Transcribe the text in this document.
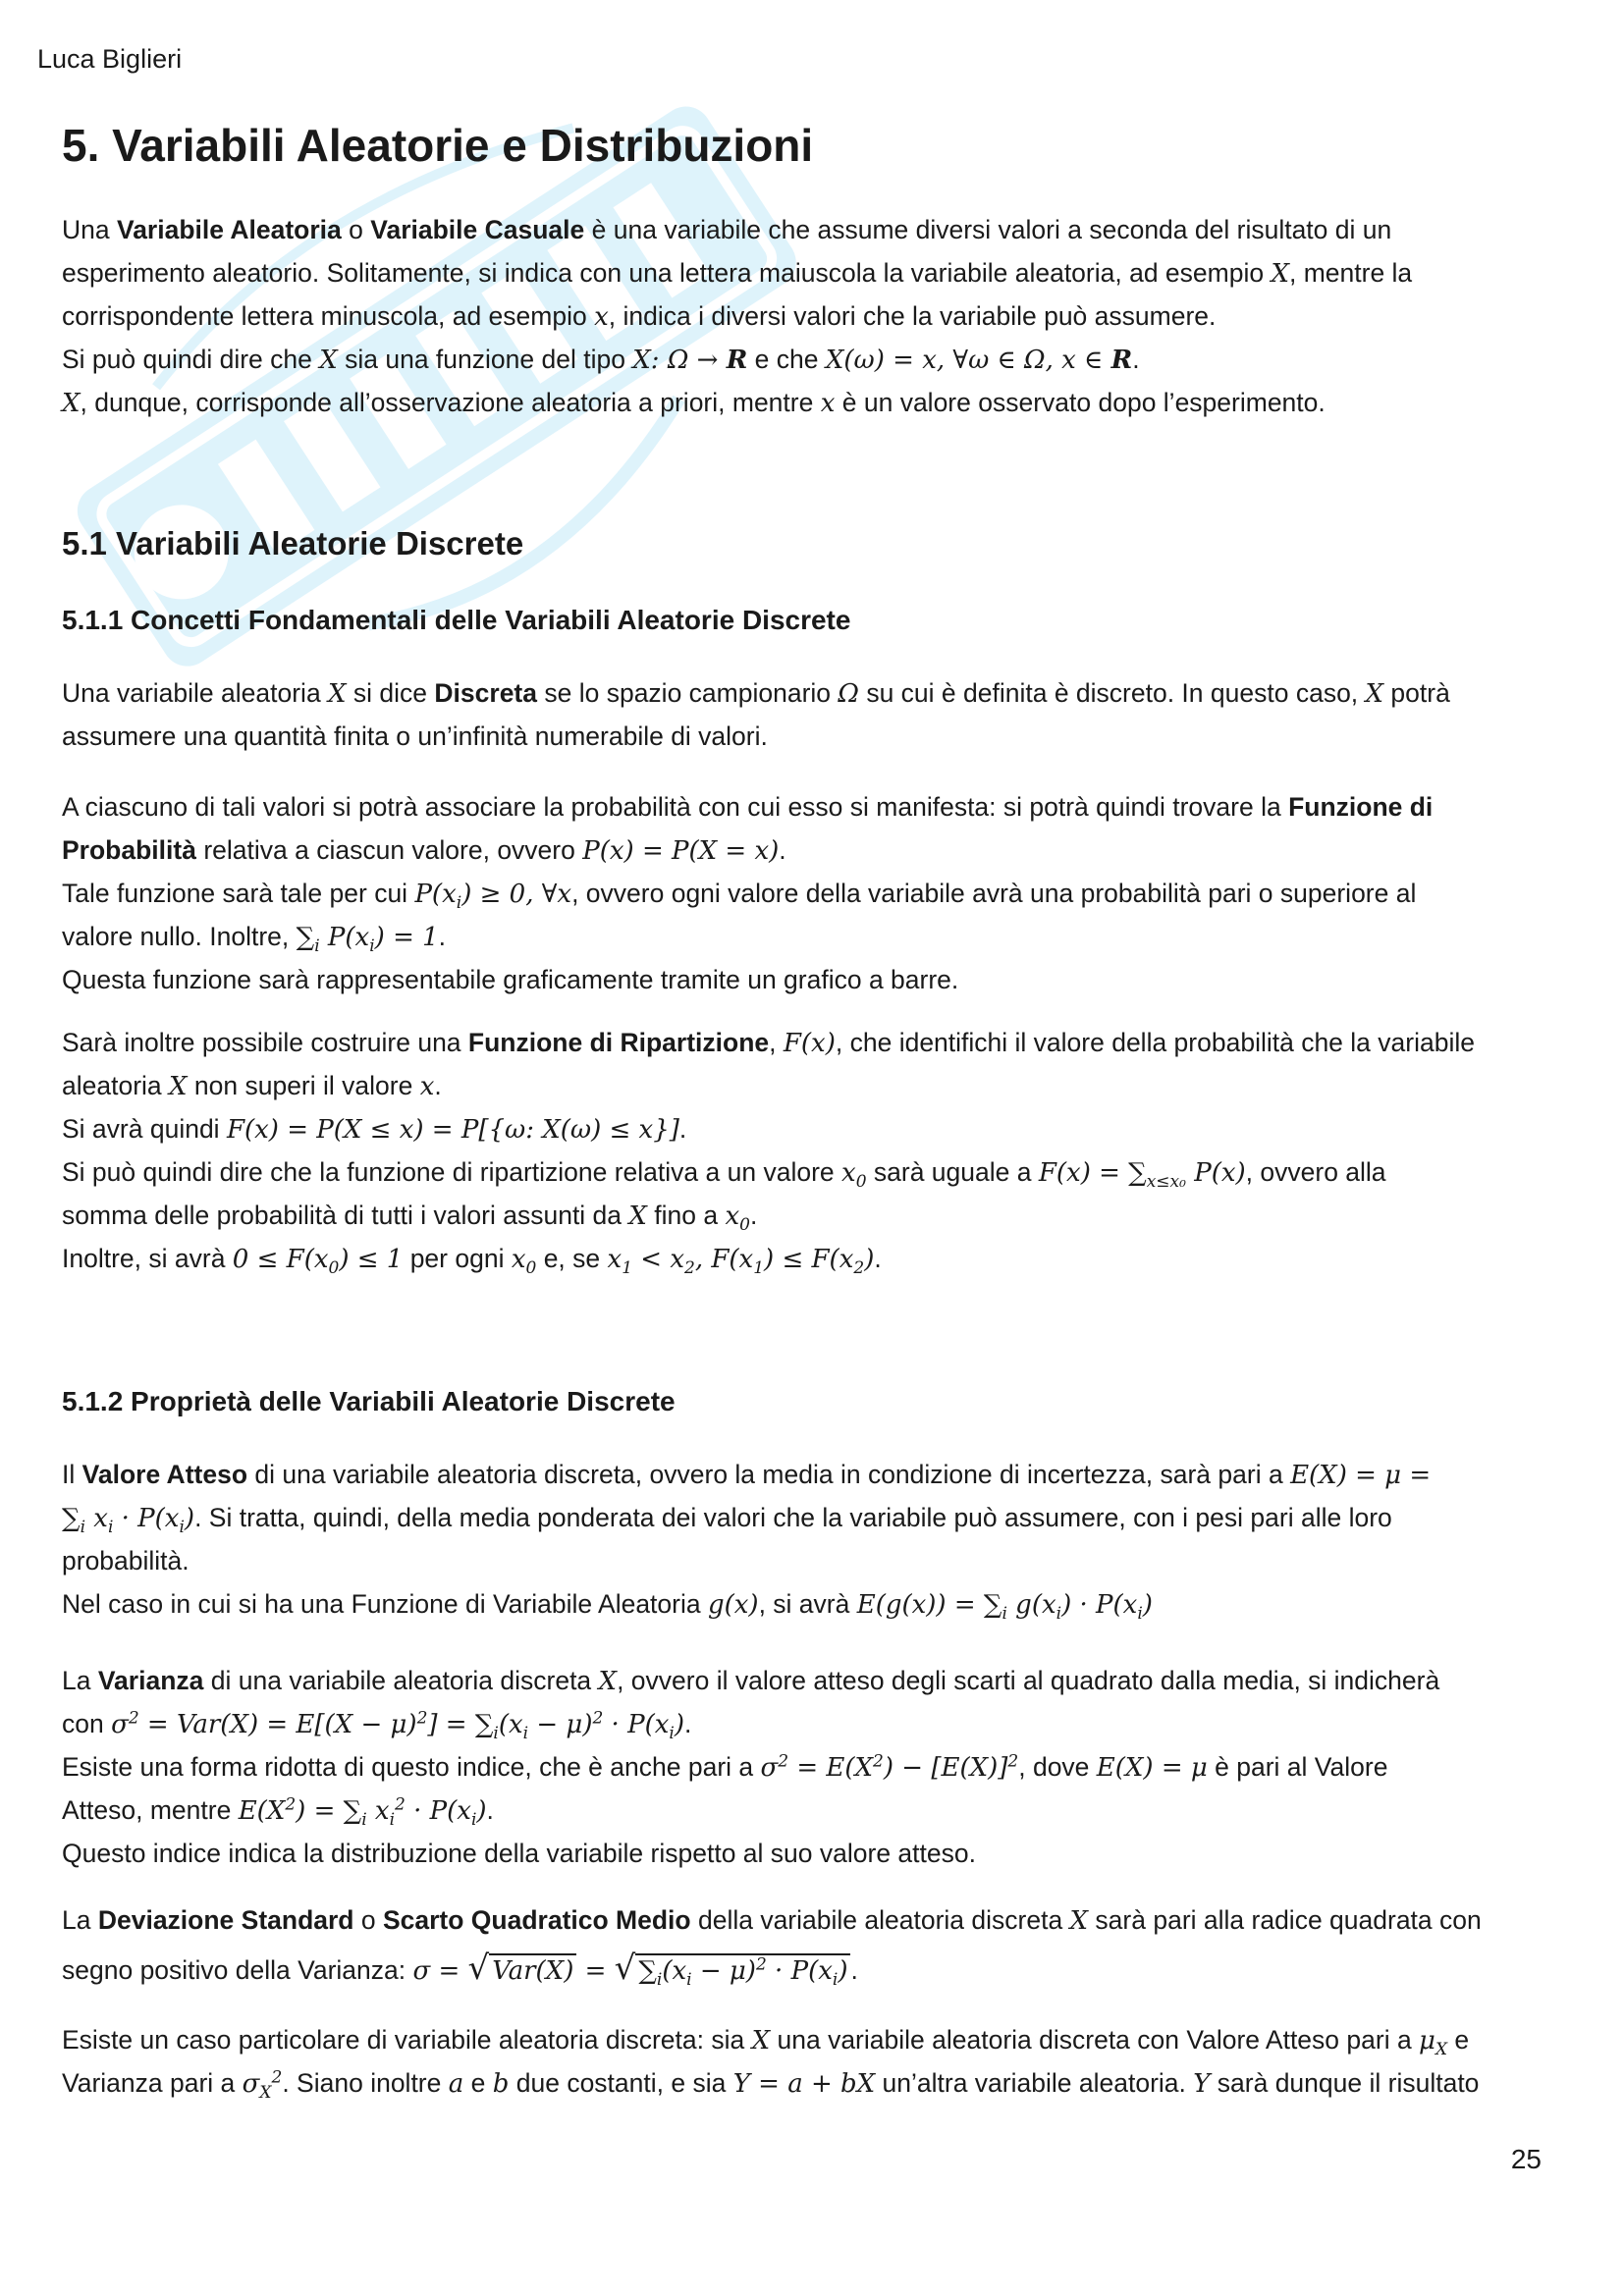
Luca Biglieri
5. Variabili Aleatorie e Distribuzioni
Una Variabile Aleatoria o Variabile Casuale è una variabile che assume diversi valori a seconda del risultato di un
esperimento aleatorio. Solitamente, si indica con una lettera maiuscola la variabile aleatoria, ad esempio X, mentre la
corrispondente lettera minuscola, ad esempio x, indica i diversi valori che la variabile può assumere.
Si può quindi dire che X sia una funzione del tipo X: Ω → R e che X(ω) = x, ∀ω ∈ Ω, x ∈ R.
X, dunque, corrisponde all’osservazione aleatoria a priori, mentre x è un valore osservato dopo l’esperimento.
5.1 Variabili Aleatorie Discrete
5.1.1 Concetti Fondamentali delle Variabili Aleatorie Discrete
Una variabile aleatoria X si dice Discreta se lo spazio campionario Ω su cui è definita è discreto. In questo caso, X potrà
assumere una quantità finita o un’infinità numerabile di valori.
A ciascuno di tali valori si potrà associare la probabilità con cui esso si manifesta: si potrà quindi trovare la Funzione di
Probabilità relativa a ciascun valore, ovvero P(x) = P(X = x).
Tale funzione sarà tale per cui $P(x_i) \ge 0$, ∀x, ovvero ogni valore della variabile avrà una probabilità pari o superiore al
valore nullo. Inoltre, $\sum_i$ $P(x_i) = 1$.
Questa funzione sarà rappresentabile graficamente tramite un grafico a barre.
Sarà inoltre possibile costruire una Funzione di Ripartizione, F(x), che identifichi il valore della probabilità che la variabile
aleatoria X non superi il valore x.
Si avrà quindi F(x) = P(X ≤ x) = P[{ω: X(ω) ≤ x}].
Si può quindi dire che la funzione di ripartizione relativa a un valore $x_0$ sarà uguale a $F(x) = \sum_{x\le x_0}$ P(x), ovvero alla
somma delle probabilità di tutti i valori assunti da X fino a $x_0$.
Inoltre, si avrà $0 \le F(x_0) \le 1$ per ogni $x_0$ e, se $x_1 < x_2$, $F(x_1) \le F(x_2)$.
5.1.2 Proprietà delle Variabili Aleatorie Discrete
Il Valore Atteso di una variabile aleatoria discreta, ovvero la media in condizione di incertezza, sarà pari a E(X) = μ =
$\sum_i$ $x_i \cdot P(x_i)$. Si tratta, quindi, della media ponderata dei valori che la variabile può assumere, con i pesi pari alle loro
probabilità.
Nel caso in cui si ha una Funzione di Variabile Aleatoria g(x), si avrà $E(g(x)) = \sum_i$ $g(x_i) \cdot P(x_i)$
La Varianza di una variabile aleatoria discreta X, ovvero il valore atteso degli scarti al quadrato dalla media, si indicherà
con $\sigma^2 = Var(X) = E[(X - \mu)^2] = \sum_i(x_i - \mu)^2 \cdot P(x_i)$.
Esiste una forma ridotta di questo indice, che è anche pari a $\sigma^2 = E(X^2) - [E(X)]^2$, dove E(X) = μ è pari al Valore
Atteso, mentre $E(X^2) = \sum_i$ $x_i^2 \cdot P(x_i)$.
Questo indice indica la distribuzione della variabile rispetto al suo valore atteso.
La Deviazione Standard o Scarto Quadratico Medio della variabile aleatoria discreta X sarà pari alla radice quadrata con
segno positivo della Varianza: σ = √ Var(X) = √ $\sum_i(x_i - \mu)^2 \cdot P(x_i)$ .
Esiste un caso particolare di variabile aleatoria discreta: sia X una variabile aleatoria discreta con Valore Atteso pari a $\mu_X$ e
Varianza pari a $\sigma_X^2$. Siano inoltre a e b due costanti, e sia Y = a + bX un’altra variabile aleatoria. Y sarà dunque il risultato
25
